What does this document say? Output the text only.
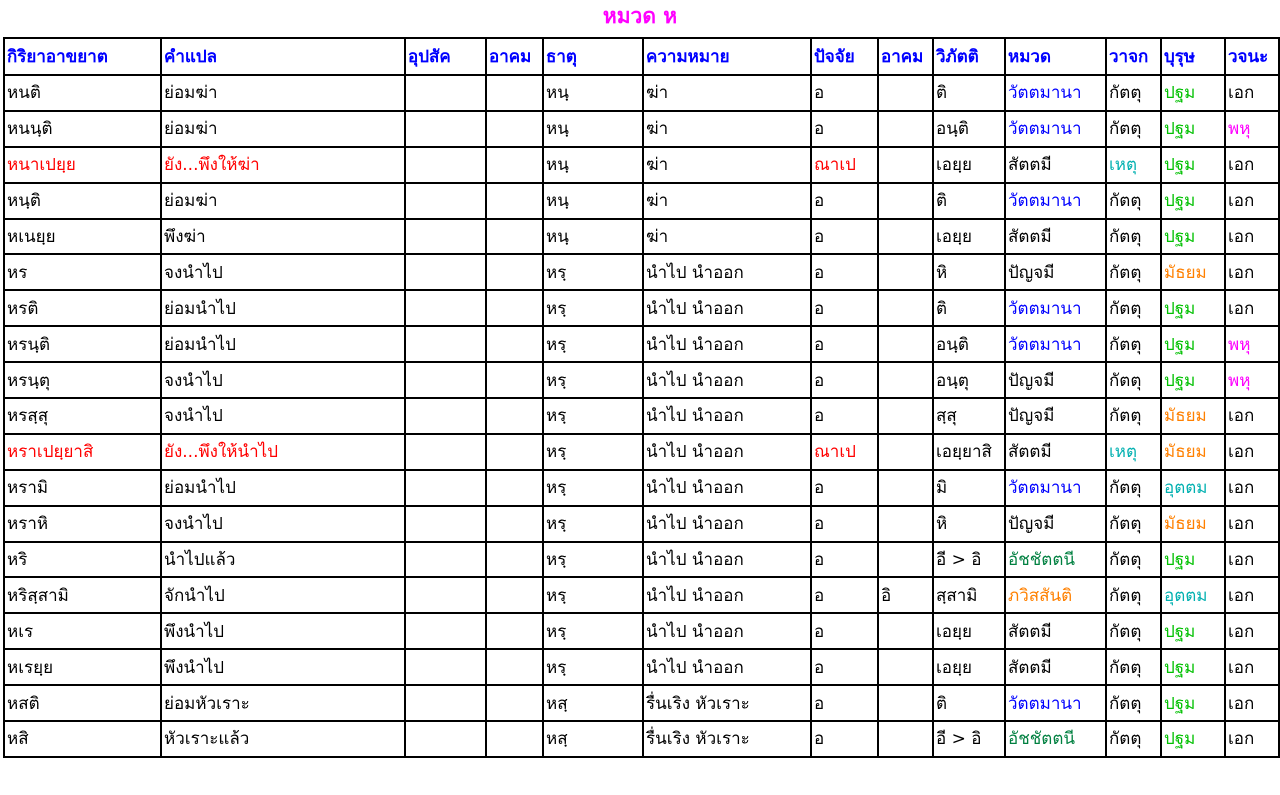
หมวด ห
กิริยาอาขยาต	คำแปล	อุปสัค	อาคม	ธาตุ	ความหมาย	ปัจจัย	อาคม	วิภัตติ	หมวด	วาจก	บุรุษ	วจนะ
หนติ	ย่อมฆ่า			หนฺ	ฆ่า	อ		ติ	วัตตมานา	กัตตุ	ปฐม	เอก
หนนฺติ	ย่อมฆ่า			หนฺ	ฆ่า	อ		อนฺติ	วัตตมานา	กัตตุ	ปฐม	พหุ
หนาเปยฺย	ยัง...พึงให้ฆ่า			หนฺ	ฆ่า	ณาเป		เอยฺย	สัตตมี	เหตุ	ปฐม	เอก
หนฺติ	ย่อมฆ่า			หนฺ	ฆ่า	อ		ติ	วัตตมานา	กัตตุ	ปฐม	เอก
หเนยฺย	พึงฆ่า			หนฺ	ฆ่า	อ		เอยฺย	สัตตมี	กัตตุ	ปฐม	เอก
หร	จงนำไป			หรฺ	นำไป นำออก	อ		หิ	ปัญจมี	กัตตุ	มัธยม	เอก
หรติ	ย่อมนำไป			หรฺ	นำไป นำออก	อ		ติ	วัตตมานา	กัตตุ	ปฐม	เอก
หรนฺติ	ย่อมนำไป			หรฺ	นำไป นำออก	อ		อนฺติ	วัตตมานา	กัตตุ	ปฐม	พหุ
หรนฺตุ	จงนำไป			หรฺ	นำไป นำออก	อ		อนฺตุ	ปัญจมี	กัตตุ	ปฐม	พหุ
หรสฺสุ	จงนำไป			หรฺ	นำไป นำออก	อ		สฺสุ	ปัญจมี	กัตตุ	มัธยม	เอก
หราเปยฺยาสิ	ยัง...พึงให้นำไป			หรฺ	นำไป นำออก	ณาเป		เอยฺยาสิ	สัตตมี	เหตุ	มัธยม	เอก
หรามิ	ย่อมนำไป			หรฺ	นำไป นำออก	อ		มิ	วัตตมานา	กัตตุ	อุตตม	เอก
หราหิ	จงนำไป			หรฺ	นำไป นำออก	อ		หิ	ปัญจมี	กัตตุ	มัธยม	เอก
หริ	นำไปแล้ว			หรฺ	นำไป นำออก	อ		อี > อิ	อัชชัตตนี	กัตตุ	ปฐม	เอก
หริสฺสามิ	จักนำไป			หรฺ	นำไป นำออก	อ	อิ	สฺสามิ	ภวิสสันติ	กัตตุ	อุตตม	เอก
หเร	พึงนำไป			หรฺ	นำไป นำออก	อ		เอยฺย	สัตตมี	กัตตุ	ปฐม	เอก
หเรยฺย	พึงนำไป			หรฺ	นำไป นำออก	อ		เอยฺย	สัตตมี	กัตตุ	ปฐม	เอก
หสติ	ย่อมหัวเราะ			หสฺ	รื่นเริง หัวเราะ	อ		ติ	วัตตมานา	กัตตุ	ปฐม	เอก
หสิ	หัวเราะแล้ว			หสฺ	รื่นเริง หัวเราะ	อ		อี > อิ	อัชชัตตนี	กัตตุ	ปฐม	เอก
